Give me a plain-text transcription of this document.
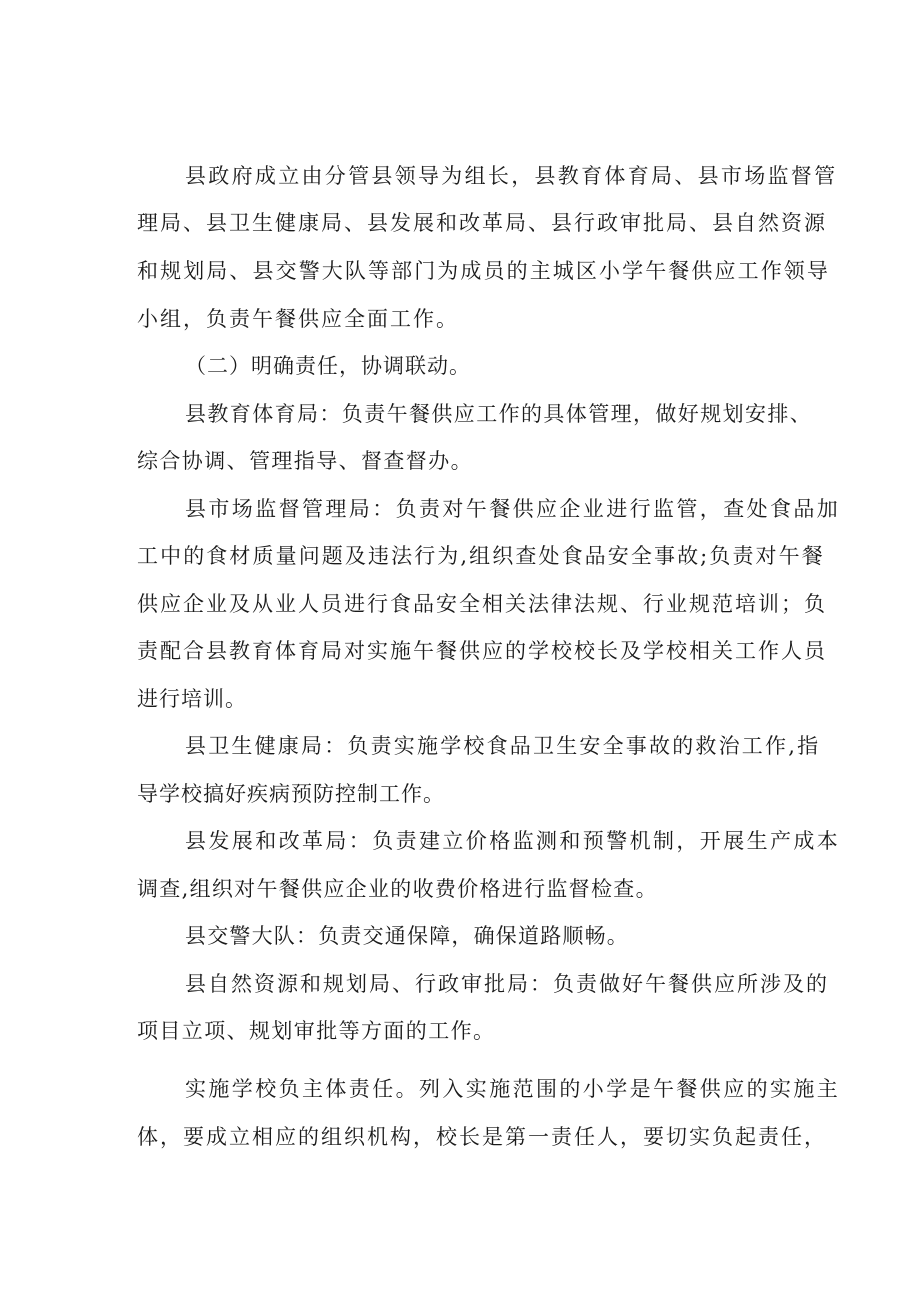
县政府成立由分管县领导为组长，县教育体育局、县市场监督管
理局、县卫生健康局、县发展和改革局、县行政审批局、县自然资源
和规划局、县交警大队等部门为成员的主城区小学午餐供应工作领导
小组，负责午餐供应全面工作。
（二）明确责任，协调联动。
县教育体育局：负责午餐供应工作的具体管理，做好规划安排、
综合协调、管理指导、督查督办。
县市场监督管理局：负责对午餐供应企业进行监管，查处食品加
工中的食材质量问题及违法行为,组织查处食品安全事故;负责对午餐
供应企业及从业人员进行食品安全相关法律法规、行业规范培训；负
责配合县教育体育局对实施午餐供应的学校校长及学校相关工作人员
进行培训。
县卫生健康局：负责实施学校食品卫生安全事故的救治工作,指
导学校搞好疾病预防控制工作。
县发展和改革局：负责建立价格监测和预警机制，开展生产成本
调查,组织对午餐供应企业的收费价格进行监督检查。
县交警大队：负责交通保障，确保道路顺畅。
县自然资源和规划局、行政审批局：负责做好午餐供应所涉及的
项目立项、规划审批等方面的工作。
实施学校负主体责任。列入实施范围的小学是午餐供应的实施主
体，要成立相应的组织机构，校长是第一责任人，要切实负起责任，
